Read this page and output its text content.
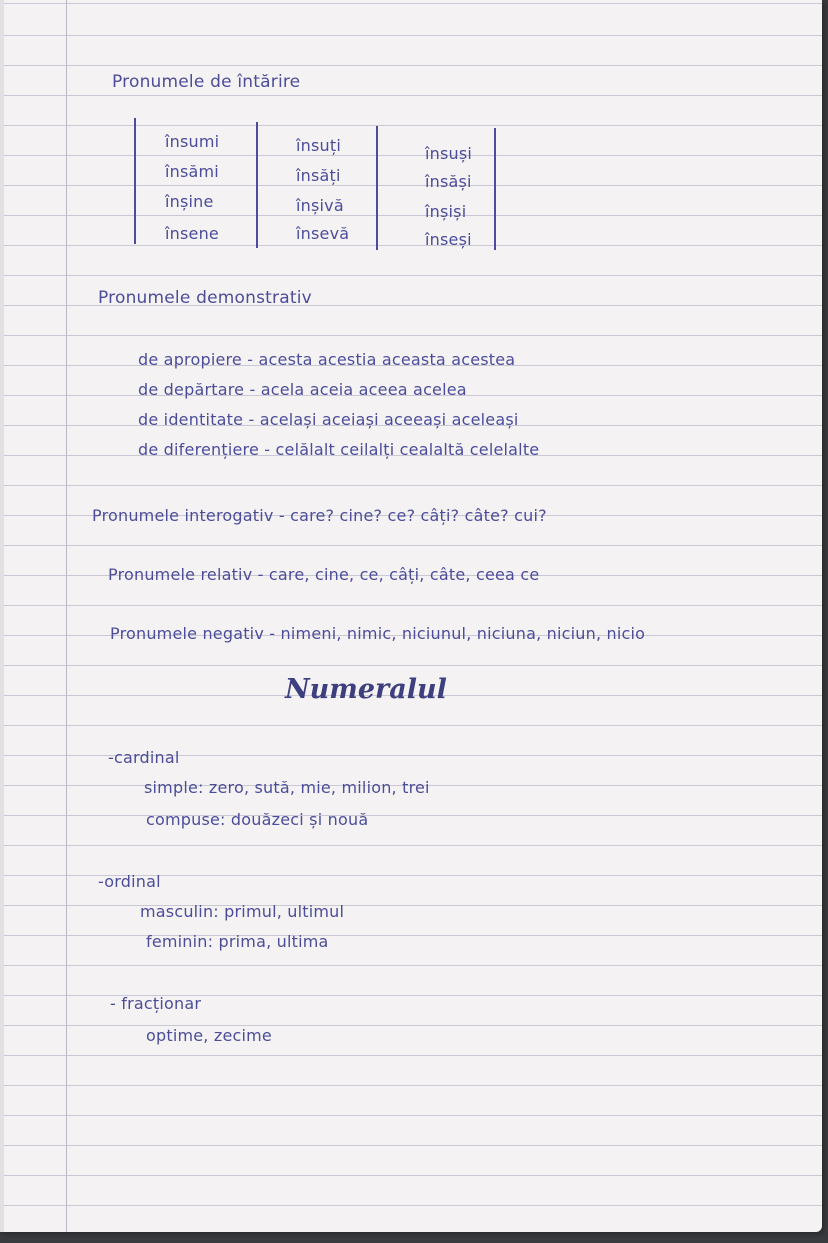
Pronumele de întărire
însumi
însămi
înșine
însene
însuți
însăți
înșivă
însevă
însuși
însăși
înșiși
înseși
Pronumele demonstrativ
de apropiere - acesta acestia aceasta acestea
de depărtare - acela aceia aceea acelea
de identitate - același aceiași aceeași aceleași
de diferențiere - celălalt ceilalți cealaltă celelalte
Pronumele interogativ - care? cine? ce? câți? câte? cui?
Pronumele relativ - care, cine, ce, câți, câte, ceea ce
Pronumele negativ - nimeni, nimic, niciunul, niciuna, niciun, nicio
Numeralul
-cardinal
simple: zero, sută, mie, milion, trei
compuse: douăzeci și nouă
-ordinal
masculin: primul, ultimul
feminin: prima, ultima
- fracționar
optime, zecime
